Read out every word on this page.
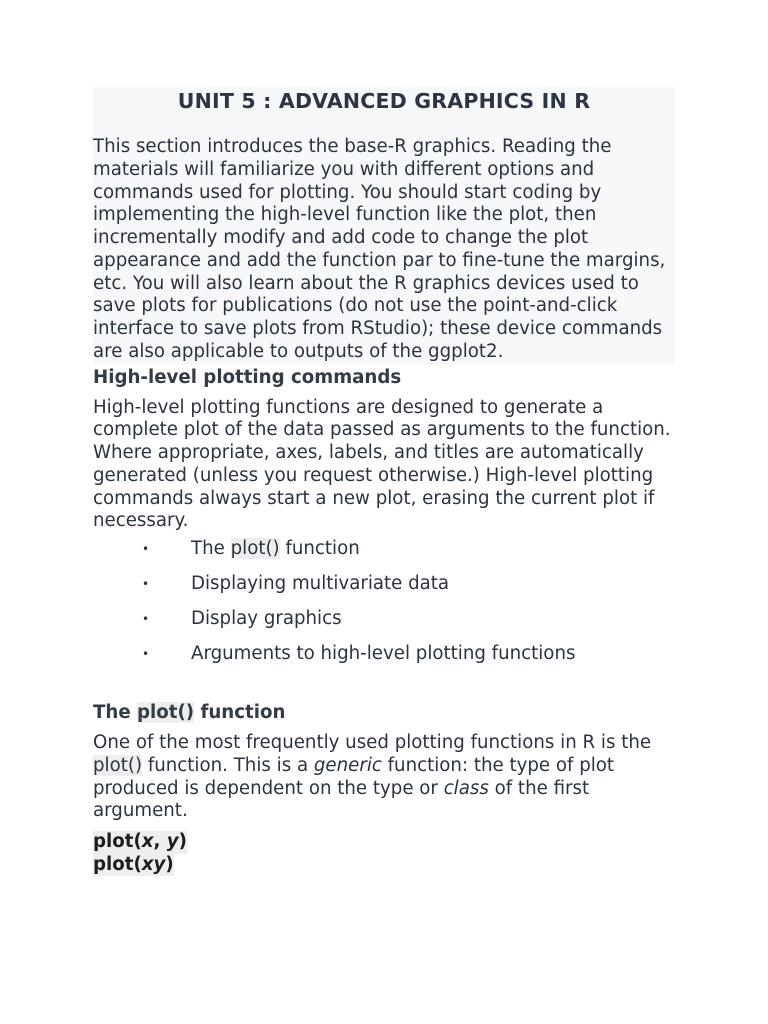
UNIT 5 : ADVANCED GRAPHICS IN R

This section introduces the base-R graphics. Reading the materials will familiarize you with different options and commands used for plotting. You should start coding by implementing the high-level function like the plot, then incrementally modify and add code to change the plot appearance and add the function par to fine-tune the margins, etc. You will also learn about the R graphics devices used to save plots for publications (do not use the point-and-click interface to save plots from RStudio); these device commands are also applicable to outputs of the ggplot2.

High-level plotting commands

High-level plotting functions are designed to generate a complete plot of the data passed as arguments to the function. Where appropriate, axes, labels, and titles are automatically generated (unless you request otherwise.) High-level plotting commands always start a new plot, erasing the current plot if necessary.

• The plot() function
• Displaying multivariate data
• Display graphics
• Arguments to high-level plotting functions
The plot() function

One of the most frequently used plotting functions in R is the plot() function. This is a generic function: the type of plot produced is dependent on the type or class of the first argument.

plot(x, y)
plot(xy)
